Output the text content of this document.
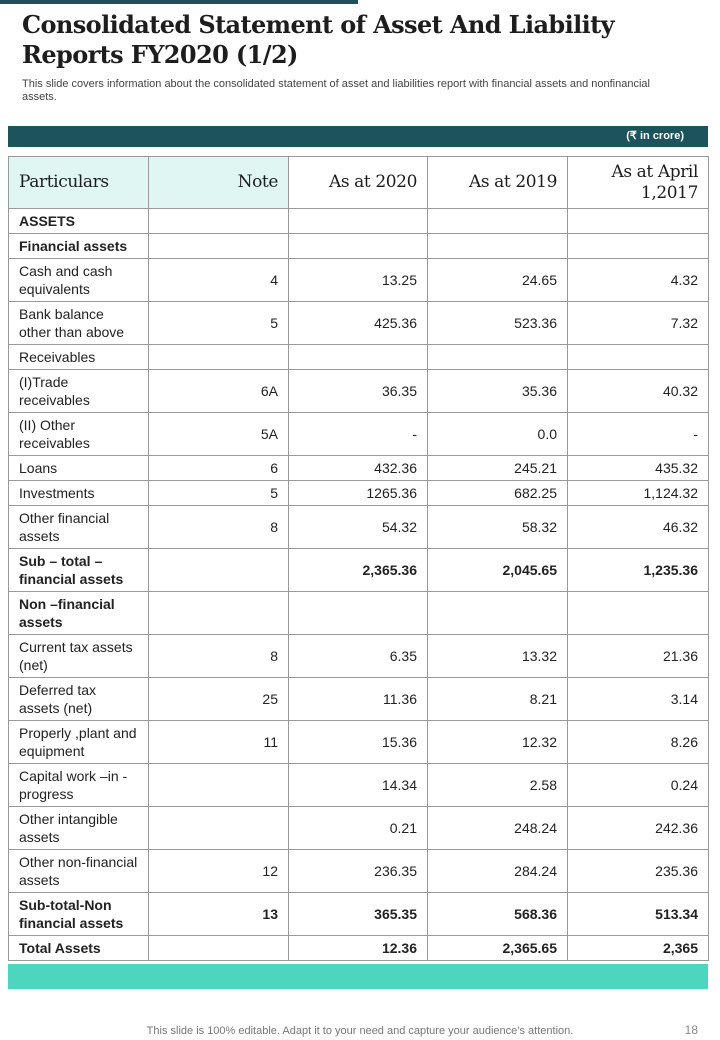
Consolidated Statement of Asset And Liability Reports FY2020 (1/2)

This slide covers information about the consolidated statement of asset and liabilities report with financial assets and nonfinancial assets.

(₹ in crore)
Particulars	Note	As at 2020	As at 2019	As at April 1,2017
ASSETS				
Financial assets				
Cash and cash equivalents	4	13.25	24.65	4.32
Bank balance other than above	5	425.36	523.36	7.32
Receivables				
(I)Trade receivables	6A	36.35	35.36	40.32
(II) Other receivables	5A	-	0.0	-
Loans	6	432.36	245.21	435.32
Investments	5	1265.36	682.25	1,124.32
Other financial assets	8	54.32	58.32	46.32
Sub – total – financial assets		2,365.36	2,045.65	1,235.36
Non –financial assets				
Current tax assets (net)	8	6.35	13.32	21.36
Deferred tax assets (net)	25	11.36	8.21	3.14
Properly ,plant and equipment	11	15.36	12.32	8.26
Capital work –in -progress		14.34	2.58	0.24
Other intangible assets		0.21	248.24	242.36
Other non-financial assets	12	236.35	284.24	235.36
Sub-total-Non financial assets	13	365.35	568.36	513.34
Total Assets		12.36	2,365.65	2,365
This slide is 100% editable. Adapt it to your need and capture your audience’s attention.	18
